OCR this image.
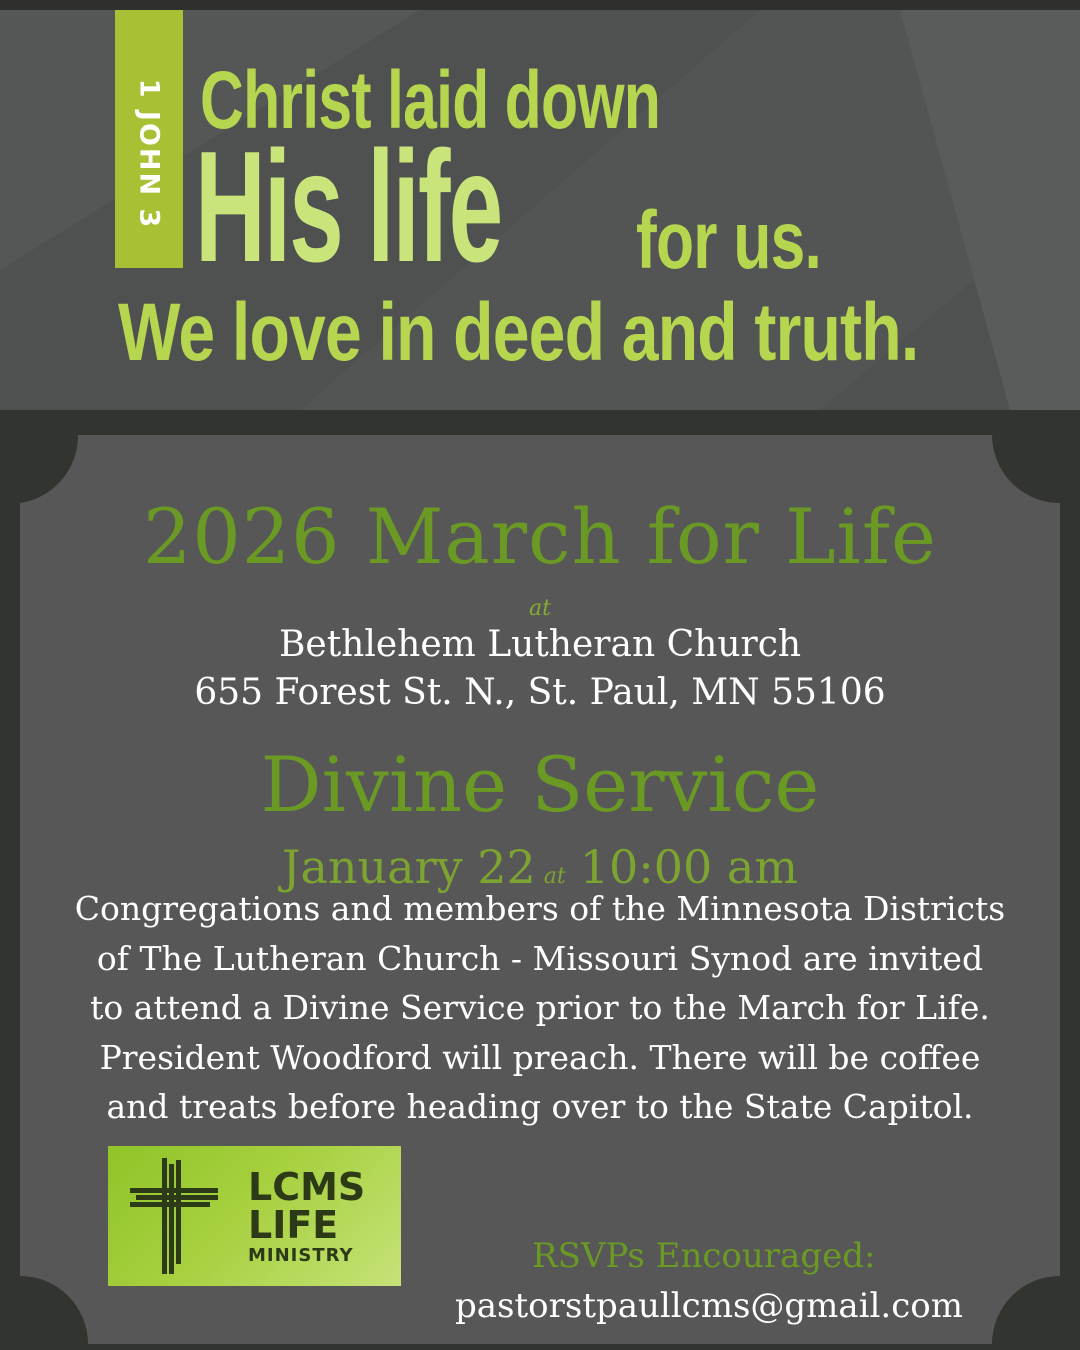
1 JOHN 3 Christ laid down
His life for us.
We love in deed and truth.
2026 March for Life
at
Bethlehem Lutheran Church
655 Forest St. N., St. Paul, MN 55106
Divine Service
January 22 at 10:00 am
Congregations and members of the Minnesota Districts
of The Lutheran Church - Missouri Synod are invited
to attend a Divine Service prior to the March for Life.
President Woodford will preach. There will be coffee
and treats before heading over to the State Capitol.
LCMS
LIFE
MINISTRY	RSVPs Encouraged:
pastorstpaullcms@gmail.com
